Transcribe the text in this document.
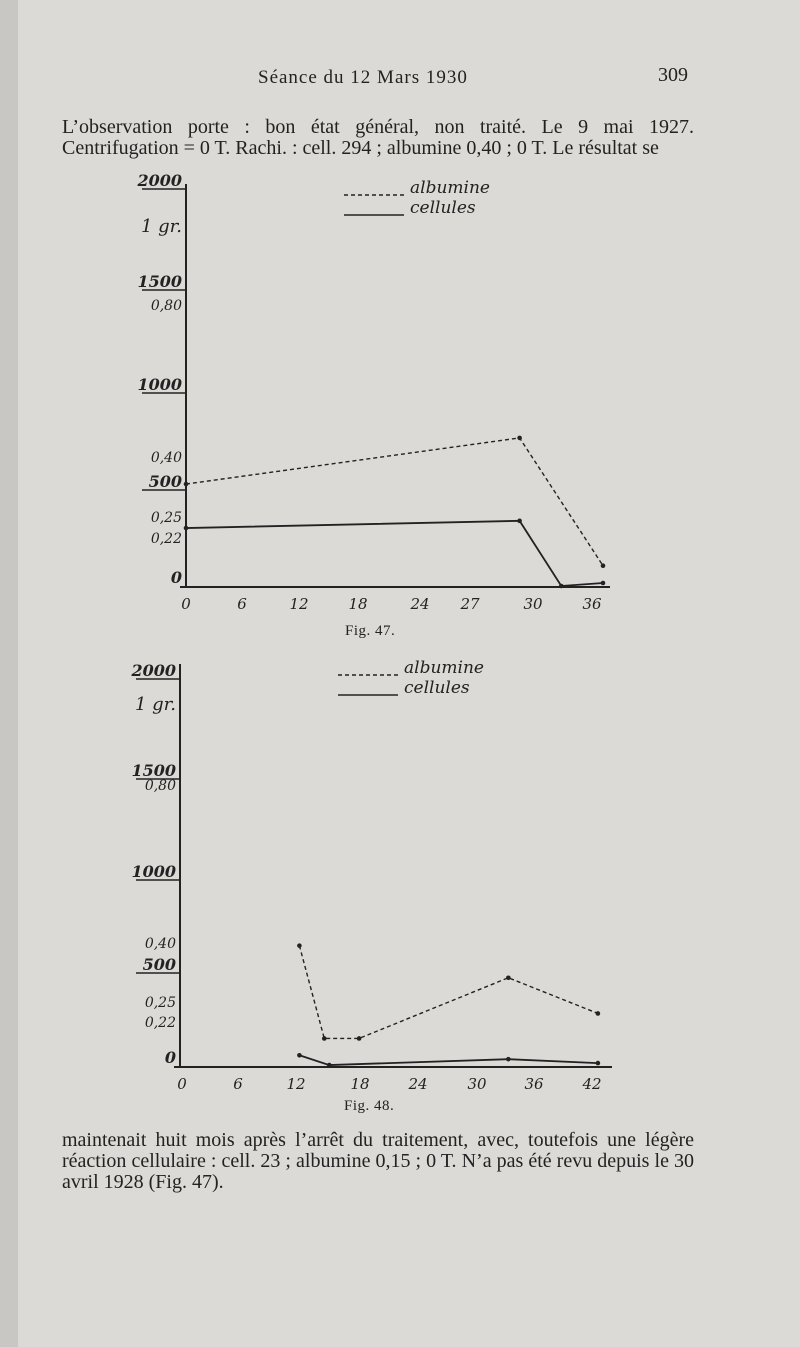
Séance du 12 Mars 1930	309
L’observation porte : bon état général, non traité. Le 9 mai 1927. Centrifugation = 0 T. Rachi. : cell. 294 ; albumine 0,40 ; 0 T. Le résultat se
2000
1500
1000
500
0
1 gr.
0,80
0,40
0,25
0,22
0	6	12	18	24 27	30	36
albumine
cellules
2000
1500
1000
500
0
1 gr.
0,80
0,40
0,25
0,22
0	6	12	18	24	30	36	42
albumine
cellules
Fig. 47.
Fig. 48.
maintenait huit mois après l’arrêt du traitement, avec, toutefois une légère réaction cellulaire : cell. 23 ; albumine 0,15 ; 0 T. N’a pas été revu depuis le 30 avril 1928 (Fig. 47).
